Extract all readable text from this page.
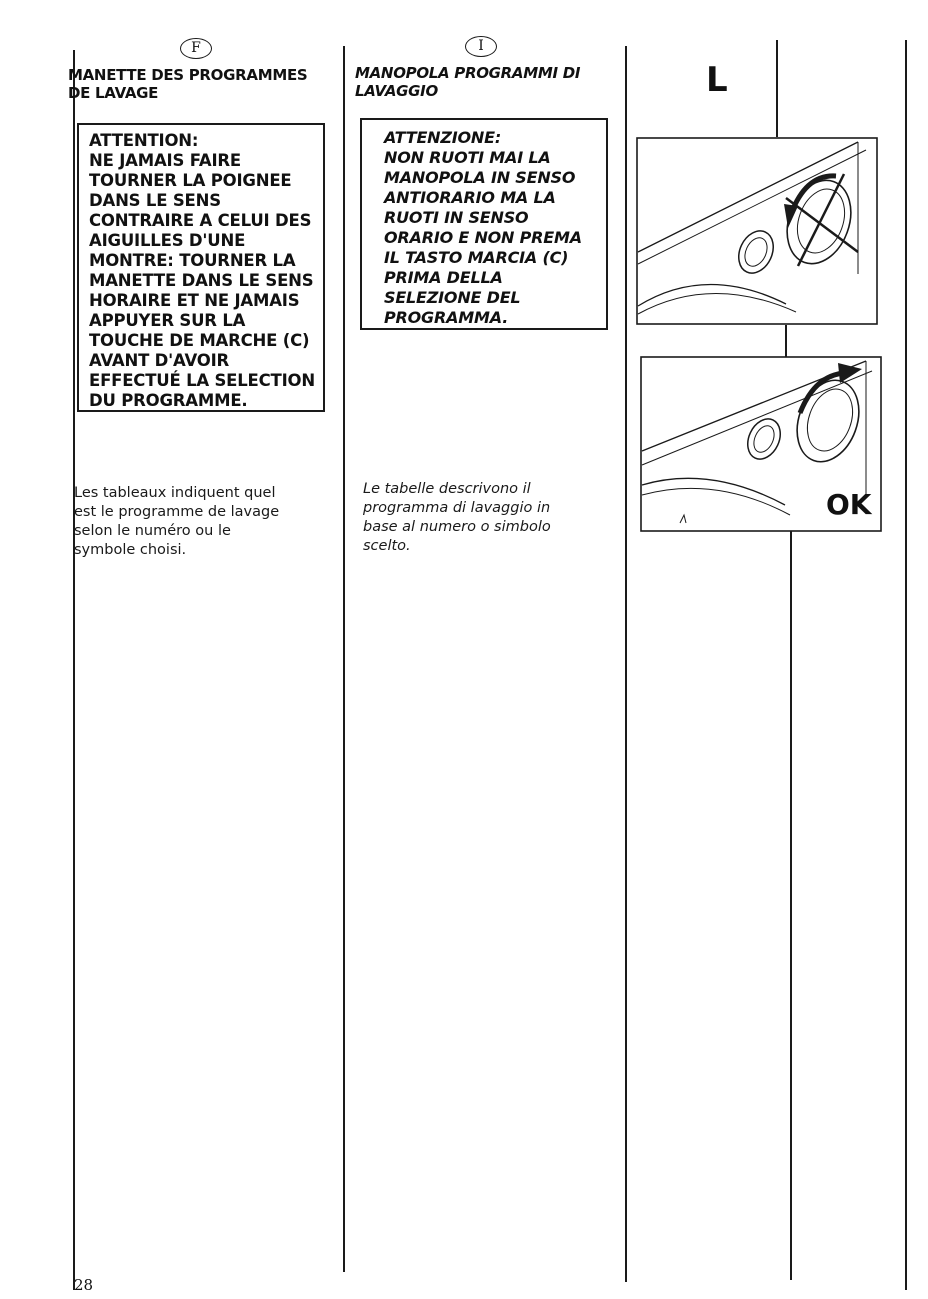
F
MANETTE DES PROGRAMMES
DE LAVAGE
ATTENTION:
NE JAMAIS FAIRE
TOURNER LA POIGNEE
DANS LE SENS
CONTRAIRE A CELUI DES
AIGUILLES D'UNE
MONTRE: TOURNER LA
MANETTE DANS LE SENS
HORAIRE ET NE JAMAIS
APPUYER SUR LA
TOUCHE DE MARCHE (C)
AVANT D'AVOIR
EFFECTUÉ LA SELECTION
DU PROGRAMME.
Les tableaux indiquent quel
est le programme de lavage
selon le numéro ou le
symbole choisi.
I
MANOPOLA PROGRAMMI DI
LAVAGGIO
ATTENZIONE:
NON RUOTI MAI LA
MANOPOLA IN SENSO
ANTIORARIO MA LA
RUOTI IN SENSO
ORARIO E NON PREMA
IL TASTO MARCIA (C)
PRIMA DELLA
SELEZIONE DEL
PROGRAMMA.
Le tabelle descrivono il
programma di lavaggio in
base al numero o simbolo
scelto.
L
OK
28
